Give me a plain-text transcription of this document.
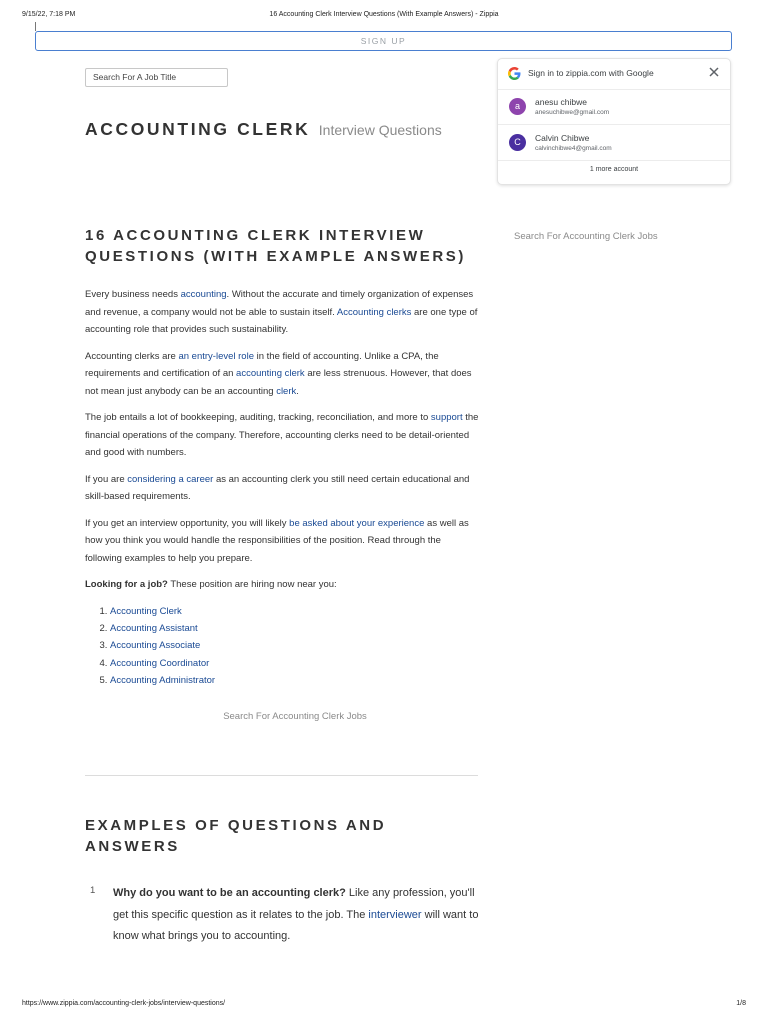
9/15/22, 7:18 PM	16 Accounting Clerk Interview Questions (With Example Answers) - Zippia
SIGN UP
Search For A Job Title
ACCOUNTING CLERK Interview Questions
16 ACCOUNTING CLERK INTERVIEW QUESTIONS (WITH EXAMPLE ANSWERS)

Every business needs accounting. Without the accurate and timely organization of expenses and revenue, a company would not be able to sustain itself. Accounting clerks are one type of accounting role that provides such sustainability.

Accounting clerks are an entry-level role in the field of accounting. Unlike a CPA, the requirements and certification of an accounting clerk are less strenuous. However, that does not mean just anybody can be an accounting clerk.

The job entails a lot of bookkeeping, auditing, tracking, reconciliation, and more to support the financial operations of the company. Therefore, accounting clerks need to be detail-oriented and good with numbers.

If you are considering a career as an accounting clerk you still need certain educational and skill-based requirements.

If you get an interview opportunity, you will likely be asked about your experience as well as how you think you would handle the responsibilities of the position. Read through the following examples to help you prepare.

Looking for a job? These position are hiring now near you:

1. Accounting Clerk
2. Accounting Assistant
3. Accounting Associate
4. Accounting Coordinator
5. Accounting Administrator
Search For Accounting Clerk Jobs
EXAMPLES OF QUESTIONS AND ANSWERS
1 Why do you want to be an accounting clerk? Like any profession, you'll get this specific question as it relates to the job. The interviewer will want to know what brings you to accounting.
Search For Accounting Clerk Jobs
Sign in to zippia.com with Google
a	anesu chibwe
anesuchibwe@gmail.com
C	Calvin Chibwe
calvinchibwe4@gmail.com
1 more account
https://www.zippia.com/accounting-clerk-jobs/interview-questions/	1/8
